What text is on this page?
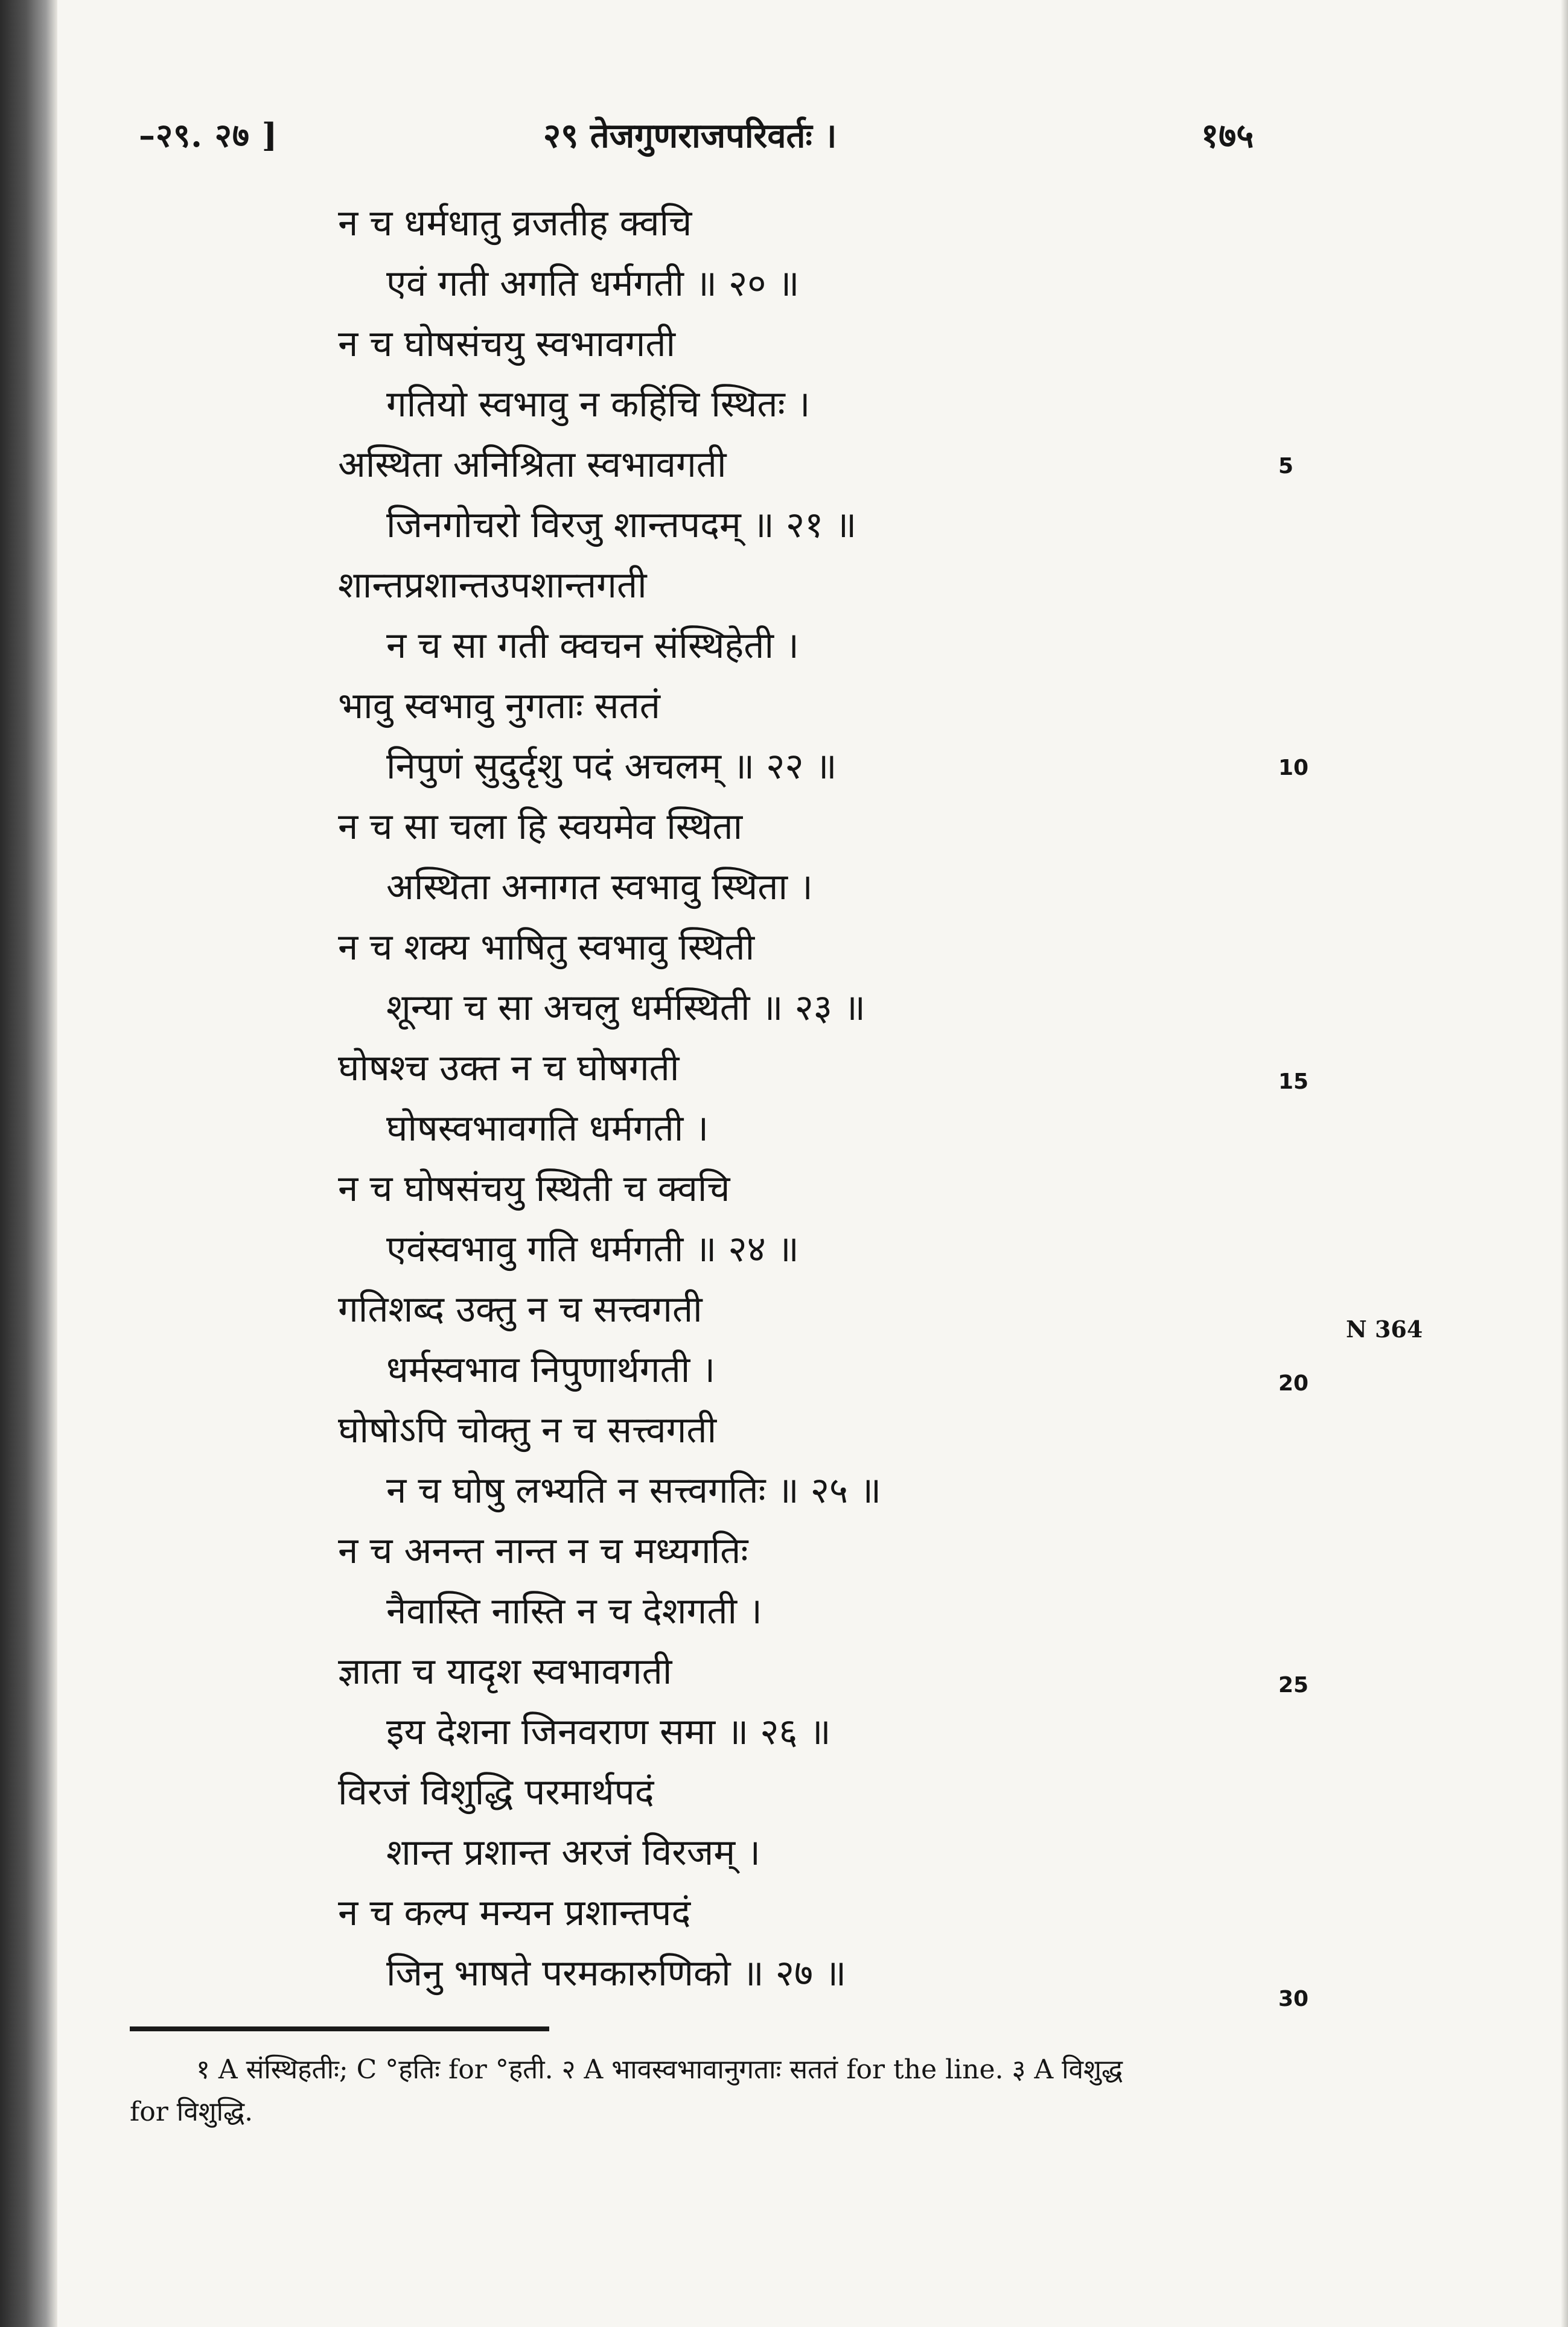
–२९. २७ ]	२९ तेजगुणराजपरिवर्तः ।	१७५
न च धर्मधातु व्रजतीह क्वचि
एवं गती अगति धर्मगती ॥ २० ॥
न च घोषसंचयु स्वभावगती
गतियो स्वभावु न कहिंचि स्थितः ।
अस्थिता अनिश्रिता स्वभावगती
जिनगोचरो विरजु शान्तपदम् ॥ २१ ॥
शान्तप्रशान्तउपशान्तगती
न च सा गती क्वचन संस्थिहेती ।
भावु स्वभावु नुगताः सततं
निपुणं सुदुर्दृशु पदं अचलम् ॥ २२ ॥
न च सा चला हि स्वयमेव स्थिता
अस्थिता अनागत स्वभावु स्थिता ।
न च शक्य भाषितु स्वभावु स्थिती
शून्या च सा अचलु धर्मस्थिती ॥ २३ ॥
घोषश्च उक्त न च घोषगती
घोषस्वभावगति धर्मगती ।
न च घोषसंचयु स्थिती च क्वचि
एवंस्वभावु गति धर्मगती ॥ २४ ॥
गतिशब्द उक्तु न च सत्त्वगती
धर्मस्वभाव निपुणार्थगती ।
घोषोऽपि चोक्तु न च सत्त्वगती
न च घोषु लभ्यति न सत्त्वगतिः ॥ २५ ॥
न च अनन्त नान्त न च मध्यगतिः
नैवास्ति नास्ति न च देशगती ।
ज्ञाता च यादृश स्वभावगती
इय देशना जिनवराण समा ॥ २६ ॥
विरजं विशुद्धि परमार्थपदं
शान्त प्रशान्त अरजं विरजम् ।
न च कल्प मन्यन प्रशान्तपदं
जिनु भाषते परमकारुणिको ॥ २७ ॥
5
10
15
20
25
30
N 364
१ A संस्थिहतीः; C °हतिः for °हती. २ A भावस्वभावानुगताः सततं for the line. ३ A विशुद्ध
for विशुद्धि.
